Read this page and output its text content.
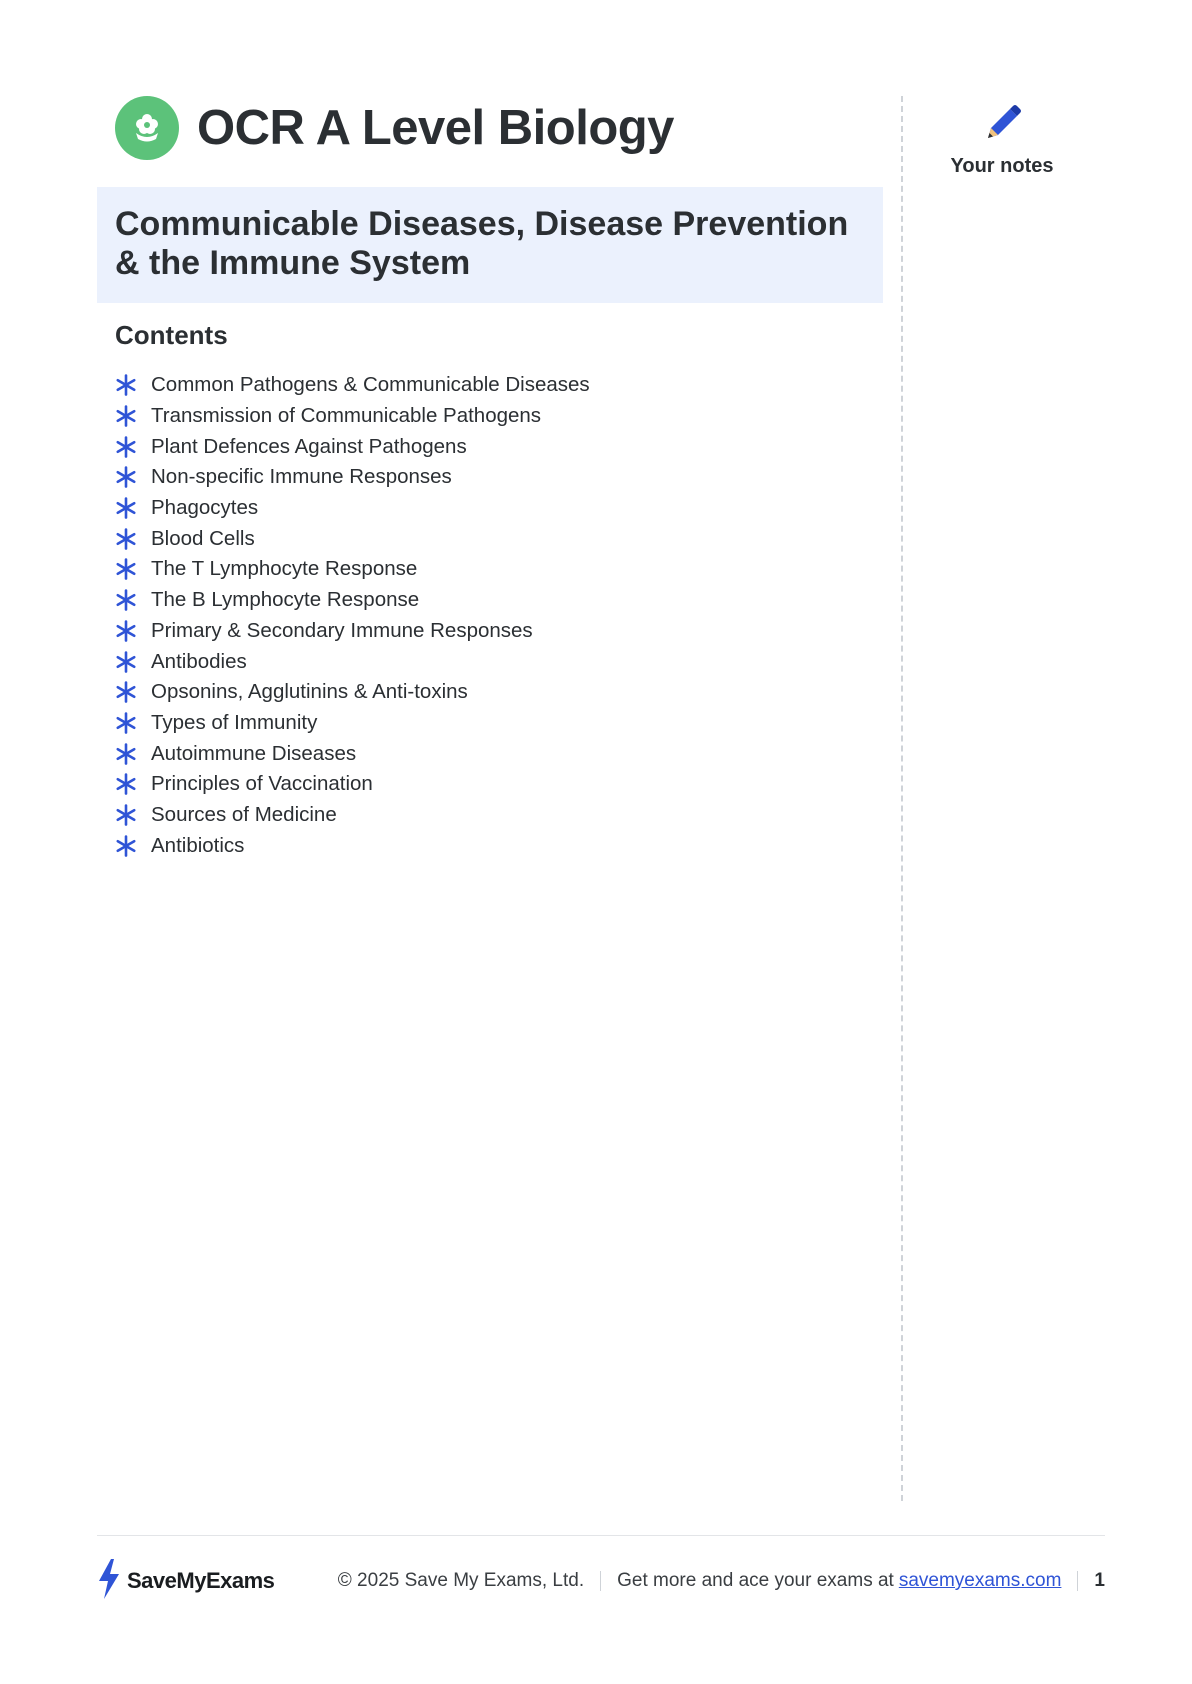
OCR A Level Biology

Communicable Diseases, Disease Prevention
& the Immune System

Contents
Common Pathogens & Communicable Diseases
Transmission of Communicable Pathogens
Plant Defences Against Pathogens
Non-specific Immune Responses
Phagocytes
Blood Cells
The T Lymphocyte Response
The B Lymphocyte Response
Primary & Secondary Immune Responses
Antibodies
Opsonins, Agglutinins & Anti-toxins
Types of Immunity
Autoimmune Diseases
Principles of Vaccination
Sources of Medicine
Antibiotics
Your notes
SaveMyExams	© 2025 Save My Exams, Ltd. Get more and ace your exams at savemyexams.com 1
